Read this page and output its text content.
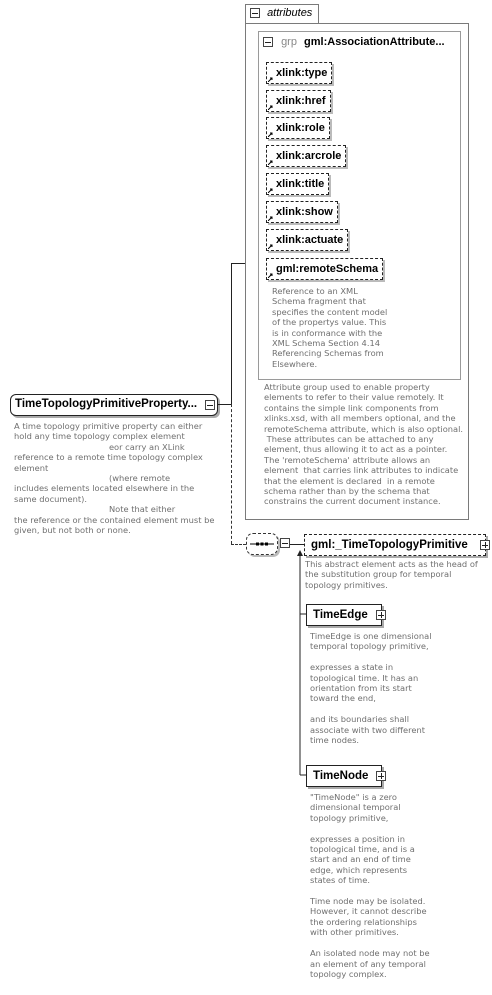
TimeTopologyPrimitiveProperty...
A time topology primitive property can either
hold any time topology complex element
eor carry an XLink
reference to a remote time topology complex
element
(where remote
includes elements located elsewhere in the
same document).
Note that either
the reference or the contained element must be
given, but not both or none.
attributes
grp gml:AssociationAttribute...
xlink:type
xlink:href
xlink:role
xlink:arcrole
xlink:title
xlink:show
xlink:actuate
gml:remoteSchema
Reference to an XML
Schema fragment that
specifies the content model
of the propertys value. This
is in conformance with the
XML Schema Section 4.14
Referencing Schemas from
Elsewhere.
Attribute group used to enable property
elements to refer to their value remotely. It
contains the simple link components from
xlinks.xsd, with all members optional, and the
remoteSchema attribute, which is also optional.
These attributes can be attached to any
element, thus allowing it to act as a pointer.
The 'remoteSchema' attribute allows an
element  that carries link attributes to indicate
that the element is declared  in a remote
schema rather than by the schema that
constrains the current document instance.
gml:_TimeTopologyPrimitive
This abstract element acts as the head of
the substitution group for temporal
topology primitives.
TimeEdge
TimeEdge is one dimensional
temporal topology primitive,

expresses a state in
topological time. It has an
orientation from its start
toward the end,

and its boundaries shall
associate with two different
time nodes.
TimeNode
"TimeNode" is a zero
dimensional temporal
topology primitive,

expresses a position in
topological time, and is a
start and an end of time
edge, which represents
states of time.

Time node may be isolated.
However, it cannot describe
the ordering relationships
with other primitives.

An isolated node may not be
an element of any temporal
topology complex.
